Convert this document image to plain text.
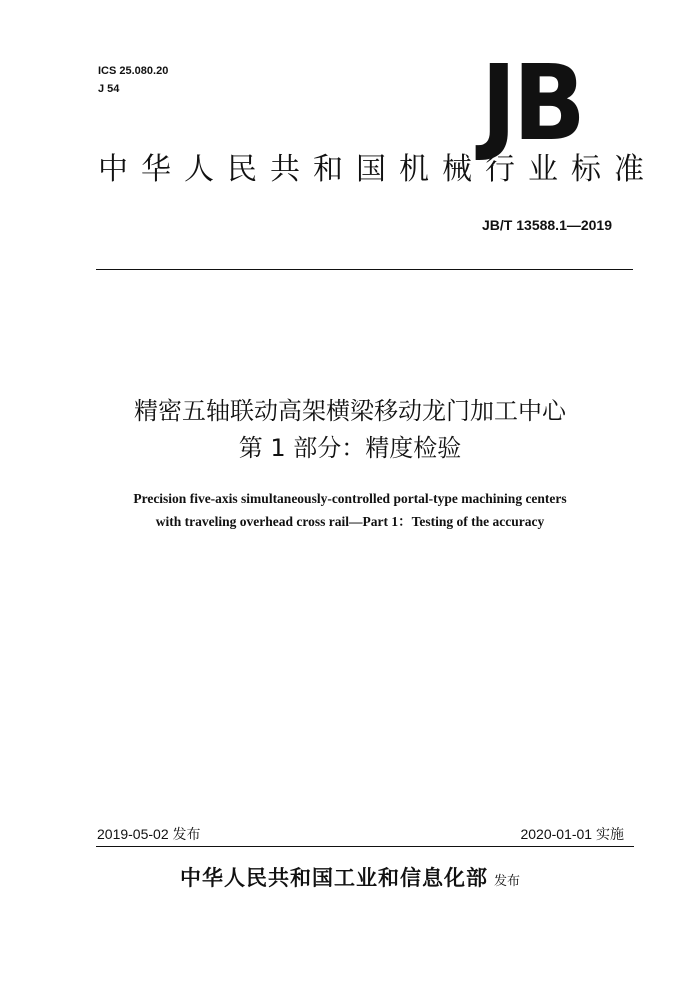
ICS 25.080.20
J 54	JB
中华人民共和国机械行业标准
JB/T 13588.1—2019
精密五轴联动高架横梁移动龙门加工中心
第 1 部分：精度检验
Precision five-axis simultaneously-controlled portal-type machining centers
with traveling overhead cross rail—Part 1：Testing of the accuracy
2019-05-02 发布	2020-01-01 实施
中华人民共和国工业和信息化部 发布
